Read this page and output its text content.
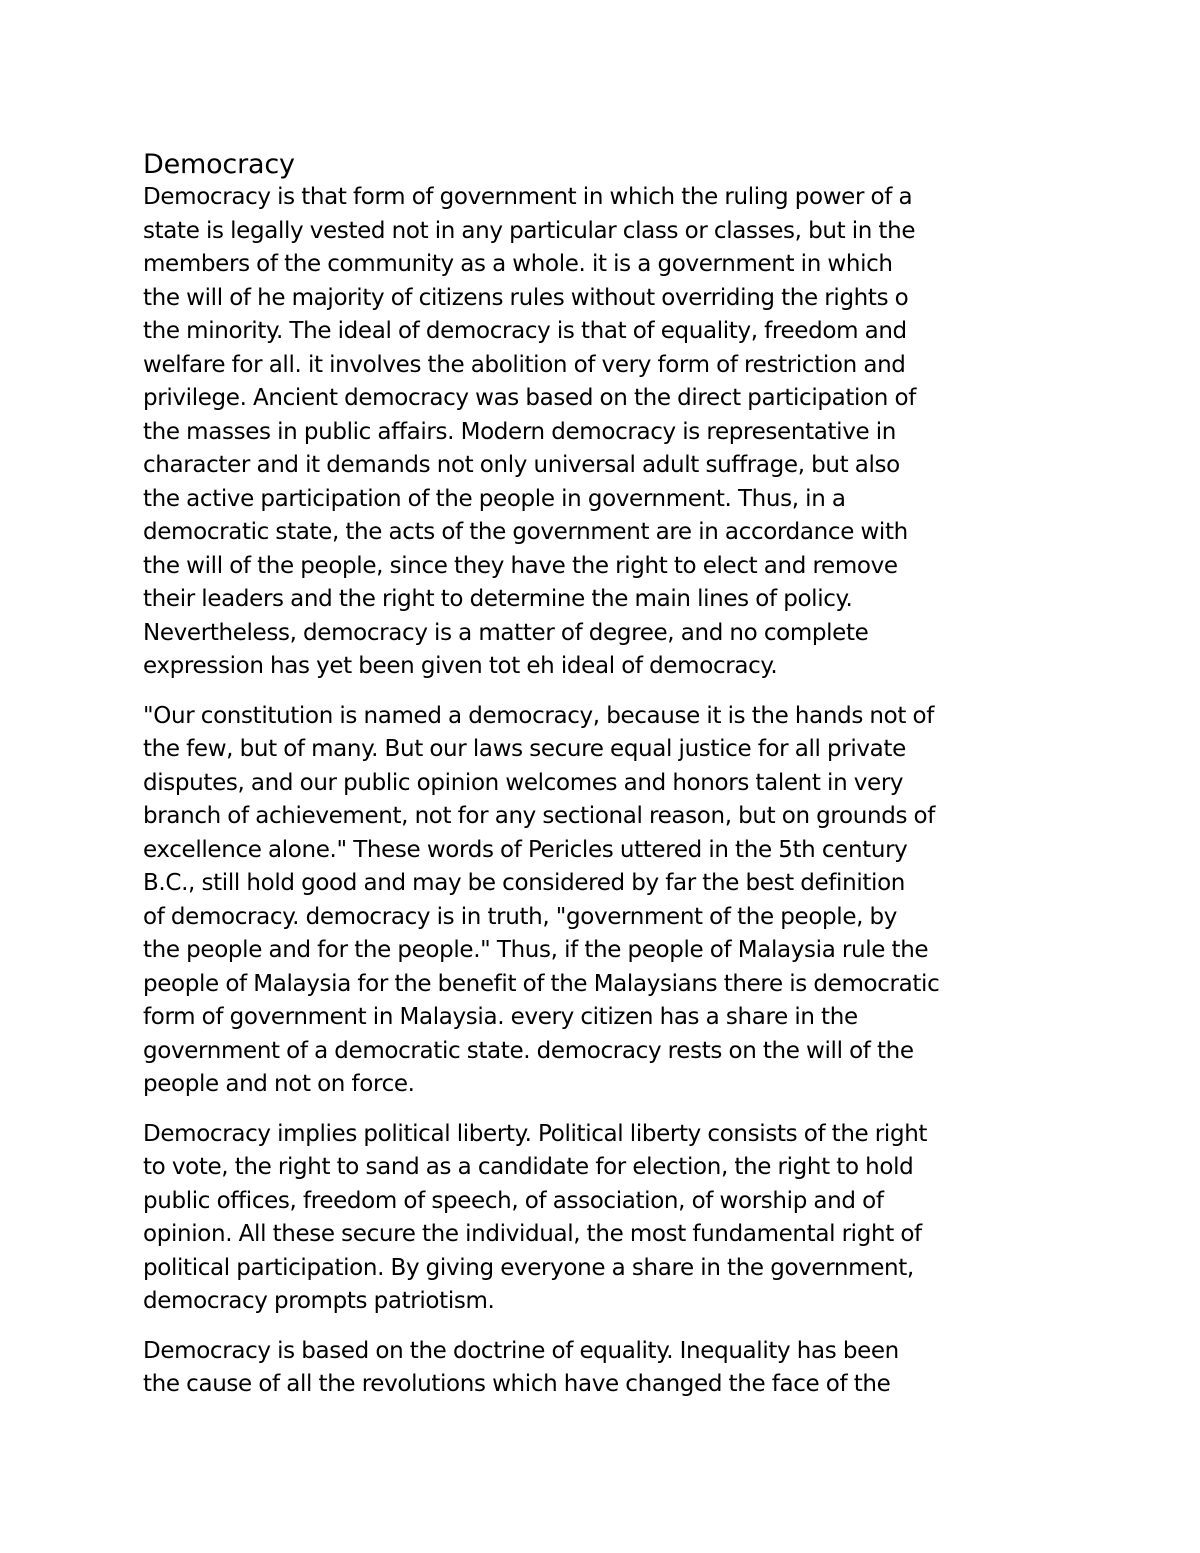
Democracy

Democracy is that form of government in which the ruling power of a
state is legally vested not in any particular class or classes, but in the
members of the community as a whole. it is a government in which
the will of he majority of citizens rules without overriding the rights o
the minority. The ideal of democracy is that of equality, freedom and
welfare for all. it involves the abolition of very form of restriction and
privilege. Ancient democracy was based on the direct participation of
the masses in public affairs. Modern democracy is representative in
character and it demands not only universal adult suffrage, but also
the active participation of the people in government. Thus, in a
democratic state, the acts of the government are in accordance with
the will of the people, since they have the right to elect and remove
their leaders and the right to determine the main lines of policy.
Nevertheless, democracy is a matter of degree, and no complete
expression has yet been given tot eh ideal of democracy.

"Our constitution is named a democracy, because it is the hands not of
the few, but of many. But our laws secure equal justice for all private
disputes, and our public opinion welcomes and honors talent in very
branch of achievement, not for any sectional reason, but on grounds of
excellence alone." These words of Pericles uttered in the 5th century
B.C., still hold good and may be considered by far the best definition
of democracy. democracy is in truth, "government of the people, by
the people and for the people." Thus, if the people of Malaysia rule the
people of Malaysia for the benefit of the Malaysians there is democratic
form of government in Malaysia. every citizen has a share in the
government of a democratic state. democracy rests on the will of the
people and not on force.

Democracy implies political liberty. Political liberty consists of the right
to vote, the right to sand as a candidate for election, the right to hold
public offices, freedom of speech, of association, of worship and of
opinion. All these secure the individual, the most fundamental right of
political participation. By giving everyone a share in the government,
democracy prompts patriotism.

Democracy is based on the doctrine of equality. Inequality has been
the cause of all the revolutions which have changed the face of the
